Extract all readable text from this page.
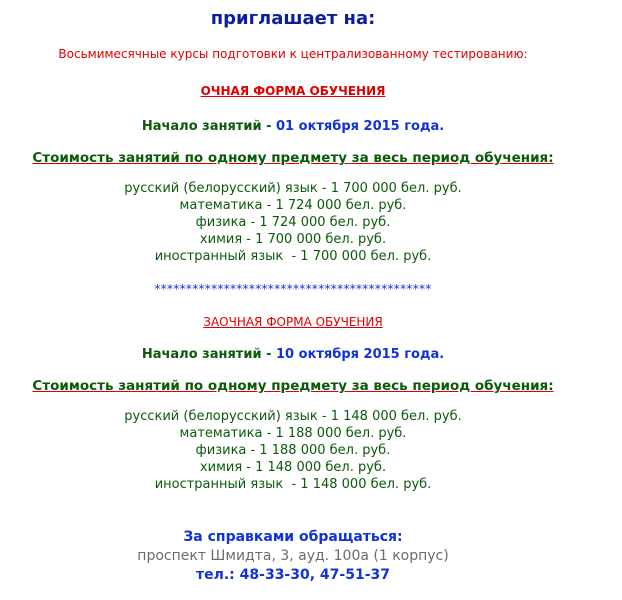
приглашает на:
Восьмимесячные курсы подготовки к централизованному тестированию:
ОЧНАЯ ФОРМА ОБУЧЕНИЯ
Начало занятий - 01 октября 2015 года.
Стоимость занятий по одному предмету за весь период обучения:
русский (белорусский) язык - 1 700 000 бел. руб.
математика - 1 724 000 бел. руб.
физика - 1 724 000 бел. руб.
химия - 1 700 000 бел. руб.
иностранный язык  - 1 700 000 бел. руб.
********************************************
ЗАОЧНАЯ ФОРМА ОБУЧЕНИЯ
Начало занятий - 10 октября 2015 года.
Стоимость занятий по одному предмету за весь период обучения:
русский (белорусский) язык - 1 148 000 бел. руб.
математика - 1 188 000 бел. руб.
физика - 1 188 000 бел. руб.
химия - 1 148 000 бел. руб.
иностранный язык  - 1 148 000 бел. руб.
За справками обращаться:
проспект Шмидта, 3, ауд. 100а (1 корпус)
тел.: 48-33-30, 47-51-37
